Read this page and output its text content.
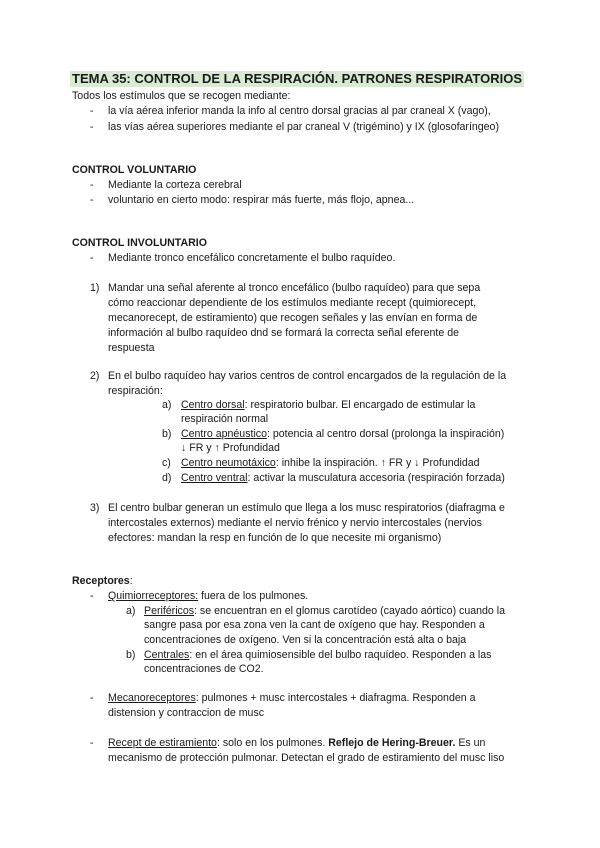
TEMA 35: CONTROL DE LA RESPIRACIÓN. PATRONES RESPIRATORIOS
Todos los estímulos que se recogen mediante:
- la vía aérea inferior manda la info al centro dorsal gracias al par craneal X (vago),
- las vías aérea superiores mediante el par craneal V (trigémino) y IX (glosofaríngeo)
CONTROL VOLUNTARIO
- Mediante la corteza cerebral
- voluntario en cierto modo: respirar más fuerte, más flojo, apnea...
CONTROL INVOLUNTARIO
- Mediante tronco encefálico concretamente el bulbo raquídeo.
1) Mandar una señal aferente al tronco encefálico (bulbo raquídeo) para que sepa
cómo reaccionar dependiente de los estímulos mediante recept (quimiorecept,
mecanorecept, de estiramiento) que recogen señales y las envían en forma de
información al bulbo raquídeo dnd se formará la correcta señal eferente de
respuesta
2) En el bulbo raquídeo hay varios centros de control encargados de la regulación de la
respiración:
a) Centro dorsal: respiratorio bulbar. El encargado de estimular la
respiración normal
b) Centro apnéustico: potencia al centro dorsal (prolonga la inspiración)
↓ FR y ↑ Profundidad
c) Centro neumotáxico: inhibe la inspiración. ↑ FR y ↓ Profundidad
d) Centro ventral: activar la musculatura accesoria (respiración forzada)
3) El centro bulbar generan un estímulo que llega a los musc respiratorios (diafragma e
intercostales externos) mediante el nervio frénico y nervio intercostales (nervios
efectores: mandan la resp en función de lo que necesite mi organismo)
Receptores:
- Quimiorreceptores: fuera de los pulmones.
a) Periféricos: se encuentran en el glomus carotídeo (cayado aórtico) cuando la
sangre pasa por esa zona ven la cant de oxígeno que hay. Responden a
concentraciones de oxígeno. Ven si la concentración está alta o baja
b) Centrales: en el área quimiosensible del bulbo raquídeo. Responden a las
concentraciones de CO2.
- Mecanoreceptores: pulmones + musc intercostales + diafragma. Responden a
distension y contraccion de musc
- Recept de estiramiento: solo en los pulmones. Reflejo de Hering-Breuer. Es un
mecanismo de protección pulmonar. Detectan el grado de estiramiento del musc liso
